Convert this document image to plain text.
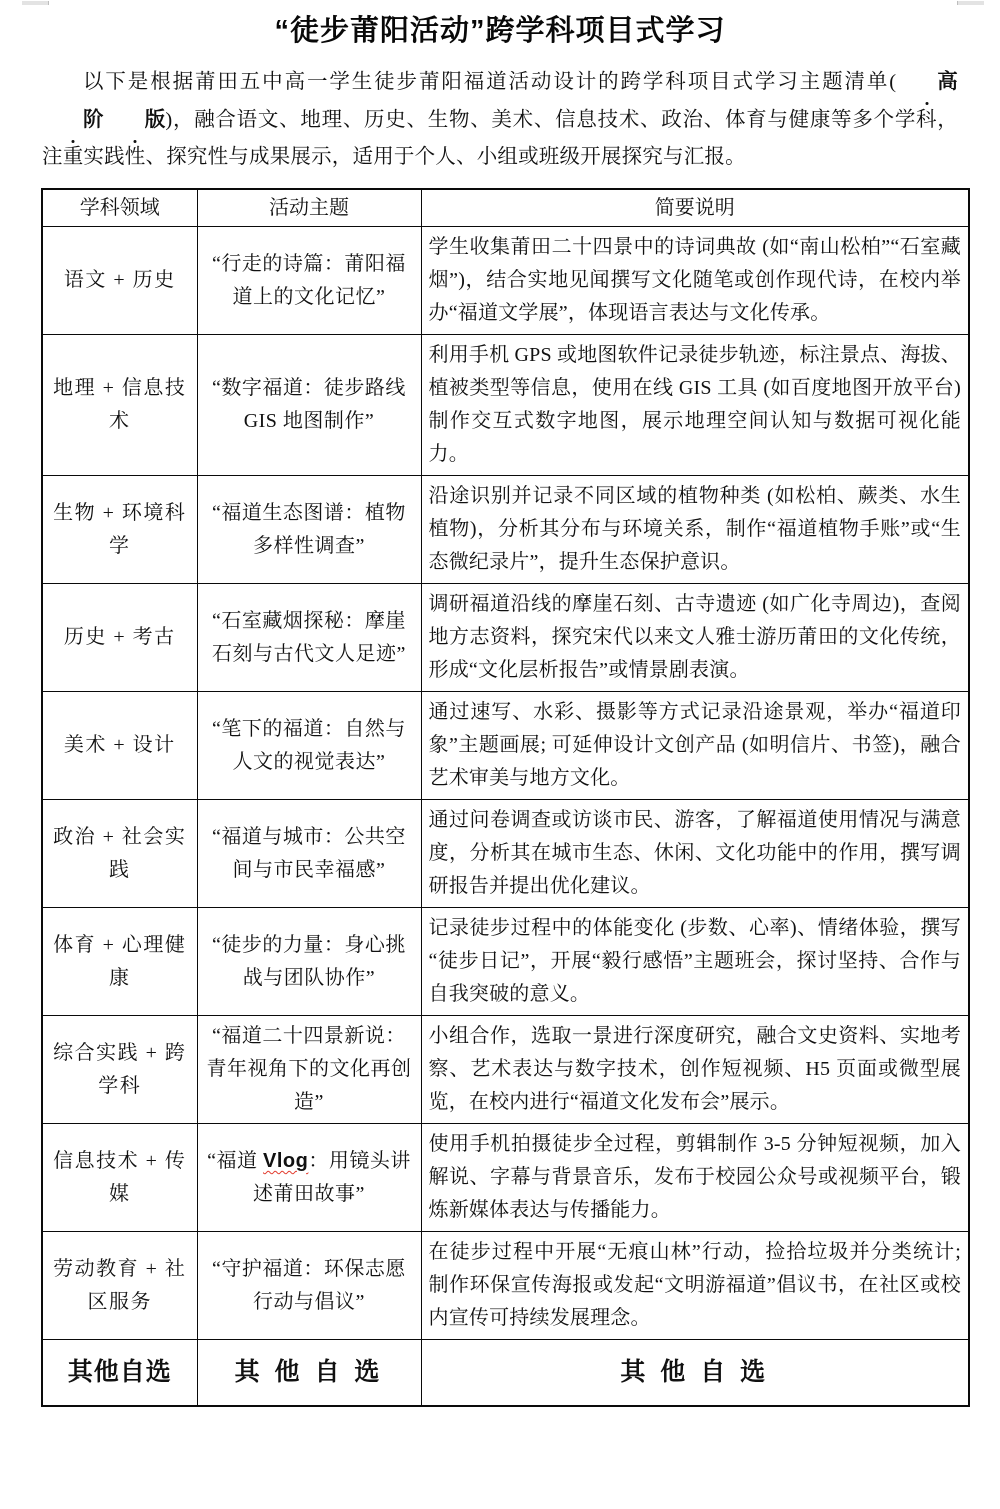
“徒步莆阳活动”跨学科项目式学习

以下是根据莆田五中高一学生徒步莆阳福道活动设计的跨学科项目式学习主题清单( 高阶 版)，融合语文、地理、历史、生物、美术、信息技术、政治、体育与健康等多个学科，注重实践性、探究性与成果展示，适用于个人、小组或班级开展探究与汇报。

学科领域	活动主题	简要说明
语文 + 历史	“行走的诗篇：莆阳福道上的文化记忆”	学生收集莆田二十四景中的诗词典故 (如“南山松柏”“石室藏烟”)，结合实地见闻撰写文化随笔或创作现代诗，在校内举办“福道文学展”，体现语言表达与文化传承。
地理 + 信息技术	“数字福道：徒步路线 GIS 地图制作”	利用手机 GPS 或地图软件记录徒步轨迹，标注景点、海拔、植被类型等信息，使用在线 GIS 工具 (如百度地图开放平台) 制作交互式数字地图，展示地理空间认知与数据可视化能力。
生物 + 环境科学	“福道生态图谱：植物多样性调查”	沿途识别并记录不同区域的植物种类 (如松柏、蕨类、水生植物)，分析其分布与环境关系，制作“福道植物手账”或“生态微纪录片”，提升生态保护意识。
历史 + 考古	“石室藏烟探秘：摩崖石刻与古代文人足迹”	调研福道沿线的摩崖石刻、古寺遗迹 (如广化寺周边)，查阅地方志资料，探究宋代以来文人雅士游历莆田的文化传统，形成“文化层析报告”或情景剧表演。
美术 + 设计	“笔下的福道：自然与人文的视觉表达”	通过速写、水彩、摄影等方式记录沿途景观，举办“福道印象”主题画展; 可延伸设计文创产品 (如明信片、书签)，融合艺术审美与地方文化。
政治 + 社会实践	“福道与城市：公共空间与市民幸福感”	通过问卷调查或访谈市民、游客，了解福道使用情况与满意度，分析其在城市生态、休闲、文化功能中的作用，撰写调研报告并提出优化建议。
体育 + 心理健康	“徒步的力量：身心挑战与团队协作”	记录徒步过程中的体能变化 (步数、心率)、情绪体验，撰写“徒步日记”，开展“毅行感悟”主题班会，探讨坚持、合作与自我突破的意义。
综合实践 + 跨学科	“福道二十四景新说：青年视角下的文化再创造”	小组合作，选取一景进行深度研究，融合文史资料、实地考察、艺术表达与数字技术，创作短视频、H5 页面或微型展览，在校内进行“福道文化发布会”展示。
信息技术 + 传媒	“福道 Vlog：用镜头讲述莆田故事”	使用手机拍摄徒步全过程，剪辑制作 3-5 分钟短视频，加入解说、字幕与背景音乐，发布于校园公众号或视频平台，锻炼新媒体表达与传播能力。
劳动教育 + 社区服务	“守护福道：环保志愿行动与倡议”	在徒步过程中开展“无痕山林”行动，捡拾垃圾并分类统计; 制作环保宣传海报或发起“文明游福道”倡议书，在社区或校内宣传可持续发展理念。
其他自选	其 他 自 选	其 他 自 选
